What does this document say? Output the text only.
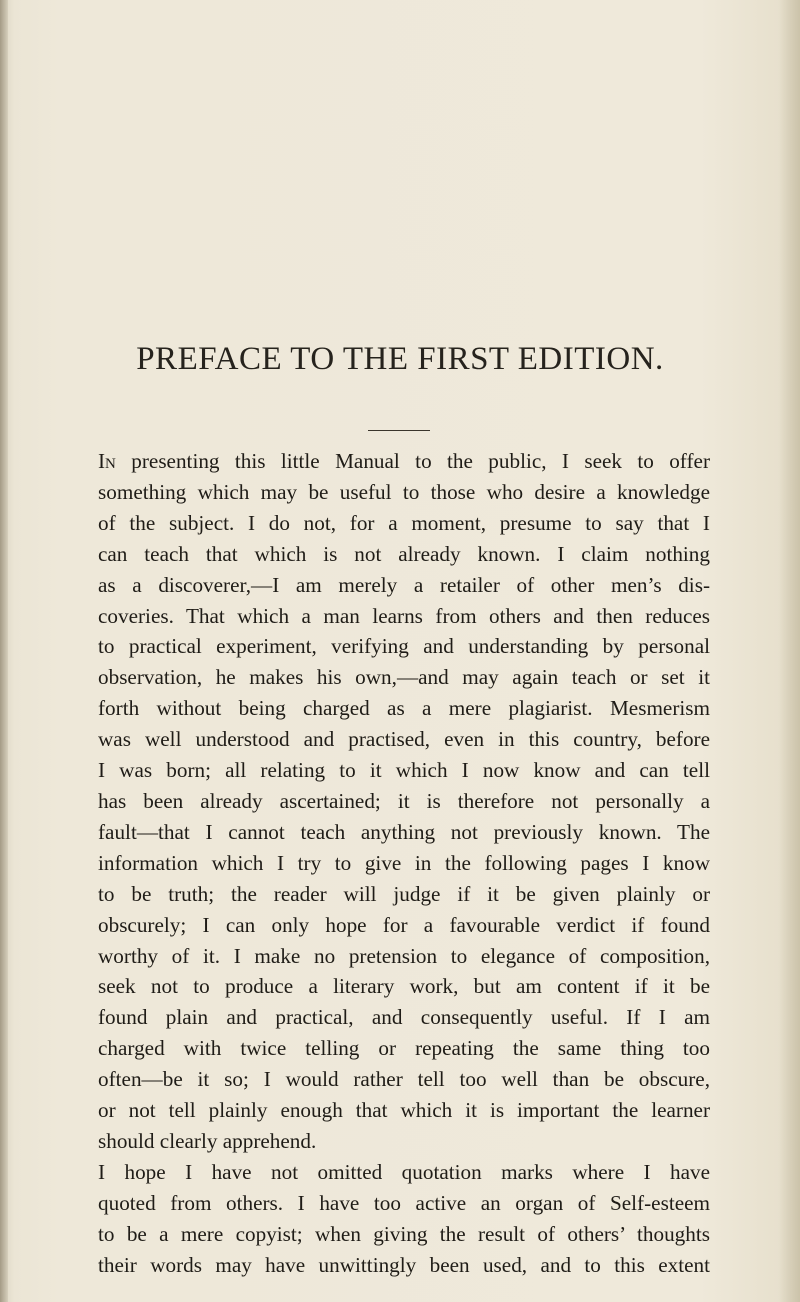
PREFACE TO THE FIRST EDITION.
In presenting this little Manual to the public, I seek to offer
something which may be useful to those who desire a knowledge
of the subject. I do not, for a moment, presume to say that I
can teach that which is not already known. I claim nothing
as a discoverer,—I am merely a retailer of other men’s dis-
coveries. That which a man learns from others and then reduces
to practical experiment, verifying and understanding by personal
observation, he makes his own,—and may again teach or set it
forth without being charged as a mere plagiarist. Mesmerism
was well understood and practised, even in this country, before
I was born; all relating to it which I now know and can tell
has been already ascertained; it is therefore not personally a
fault—that I cannot teach anything not previously known. The
information which I try to give in the following pages I know
to be truth; the reader will judge if it be given plainly or
obscurely; I can only hope for a favourable verdict if found
worthy of it. I make no pretension to elegance of composition,
seek not to produce a literary work, but am content if it be
found plain and practical, and consequently useful. If I am
charged with twice telling or repeating the same thing too
often—be it so; I would rather tell too well than be obscure,
or not tell plainly enough that which it is important the learner
should clearly apprehend.
I hope I have not omitted quotation marks where I have
quoted from others. I have too active an organ of Self-esteem
to be a mere copyist; when giving the result of others’ thoughts
their words may have unwittingly been used, and to this extent
